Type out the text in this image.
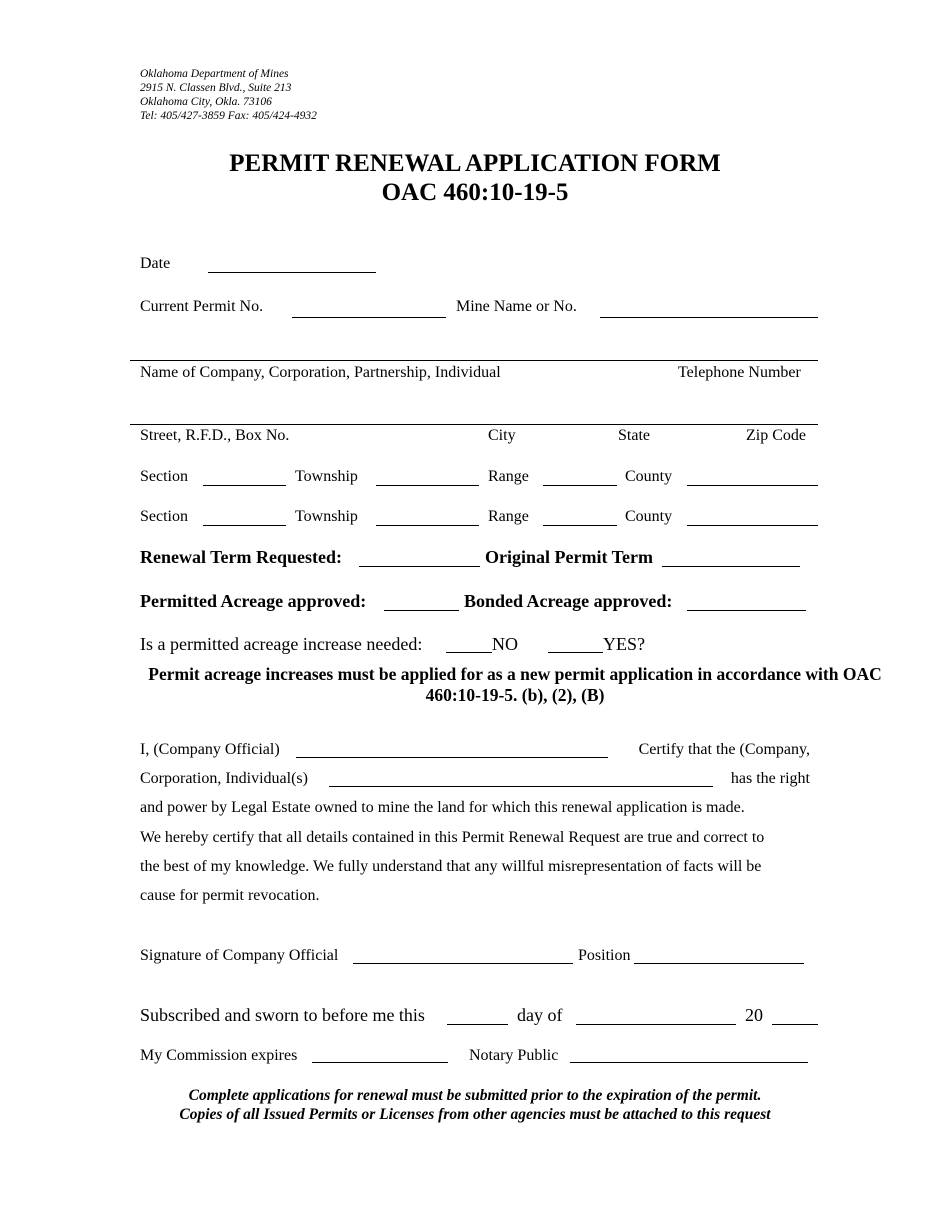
Oklahoma Department of Mines
2915 N. Classen Blvd., Suite 213
Oklahoma City, Okla. 73106
Tel: 405/427-3859 Fax: 405/424-4932
PERMIT RENEWAL APPLICATION FORM
OAC 460:10-19-5
Date
Current Permit No.	Mine Name or No.
Name of Company, Corporation, Partnership, Individual	Telephone Number
Street, R.F.D., Box No.	City	State	Zip Code
Section	Township	Range	County
Section	Township	Range	County
Renewal Term Requested:	Original Permit Term
Permitted Acreage approved:	Bonded Acreage approved:
Is a permitted acreage increase needed:	NO	YES?
Permit acreage increases must be applied for as a new permit application in accordance with OAC 460:10-19-5. (b), (2), (B)
I, (Company Official)	Certify that the (Company,
Corporation, Individual(s)	has the right
and power by Legal Estate owned to mine the land for which this renewal application is made.
We hereby certify that all details contained in this Permit Renewal Request are true and correct to
the best of my knowledge. We fully understand that any willful misrepresentation of facts will be
cause for permit revocation.
Signature of Company Official	Position
Subscribed and sworn to before me this	day of	20
My Commission expires	Notary Public
Complete applications for renewal must be submitted prior to the expiration of the permit.
Copies of all Issued Permits or Licenses from other agencies must be attached to this request
